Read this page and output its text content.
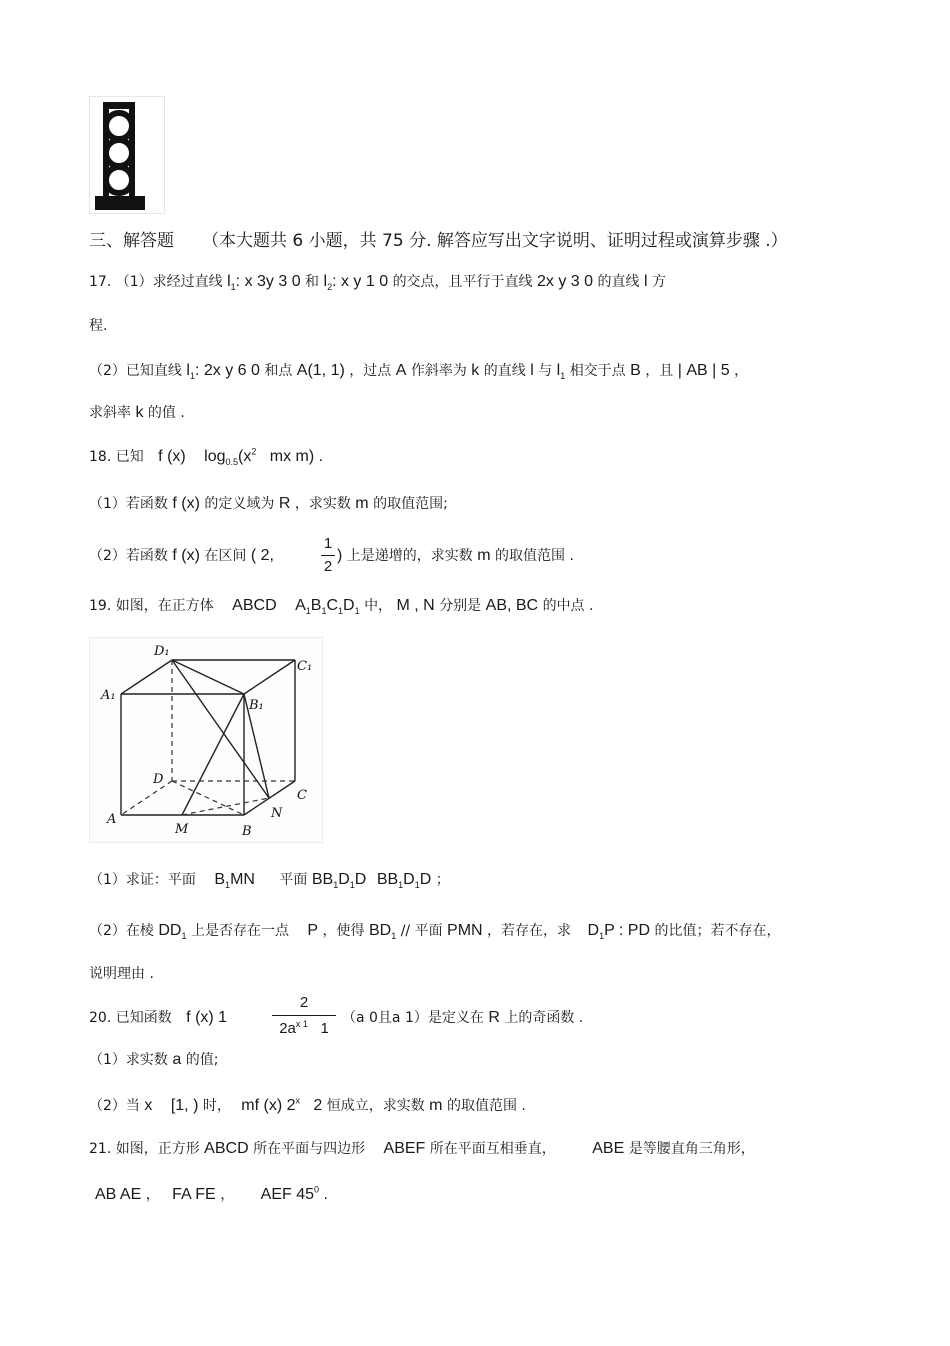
三、解答题 （本大题共 6 小题，共 75 分. 解答应写出文字说明、证明过程或演算步骤 .）
17. （1）求经过直线 $l_1$: x 3y 3 0 和 $l_2$: x y 1 0 的交点，且平行于直线 2x y 3 0 的直线 l 方
程.
（2）已知直线 $l_1$: 2x y 6 0 和点 A(1, 1) ，过点 A 作斜率为 k 的直线 l 与 $l_1$ 相交于点 B ，且 | AB | 5 ，
求斜率 k 的值 .
18. 已知 f (x) $\log_{0.5}(x^2$ mx m) .
（1）若函数 f (x) 的定义域为 R ，求实数 m 的取值范围;
（2）若函数 f (x) 在区间 ( 2,
1
2
) 上是递增的，求实数 m 的取值范围 .
19. 如图，在正方体 ABCD $A_1B_1C_1D_1$ 中， M , N 分别是 AB, BC 的中点 .
D₁
C₁
A₁
B₁
D
C
A
M	B
N
（1）求证：平面 $B_1MN$ 平面 $BB_1D_1D$ $BB_1D_1D$ ；
（2）在棱 $DD_1$ 上是否存在一点 P ，使得 $BD_1$ // 平面 PMN ，若存在，求 $D_1P$ : PD 的比值；若不存在，
说明理由 .
20. 已知函数 f (x) 1
2
$2a^{x 1}$ 1
（a 0且a 1）是定义在 R 上的奇函数 .
（1）求实数 a 的值;
（2）当 x [1, ) 时， mf (x) 2$^x$ 2 恒成立，求实数 m 的取值范围 .
21. 如图，正方形 ABCD 所在平面与四边形 ABEF 所在平面互相垂直， ABE 是等腰直角三角形，
AB AE ， FA FE ， AEF $45^0$ .
